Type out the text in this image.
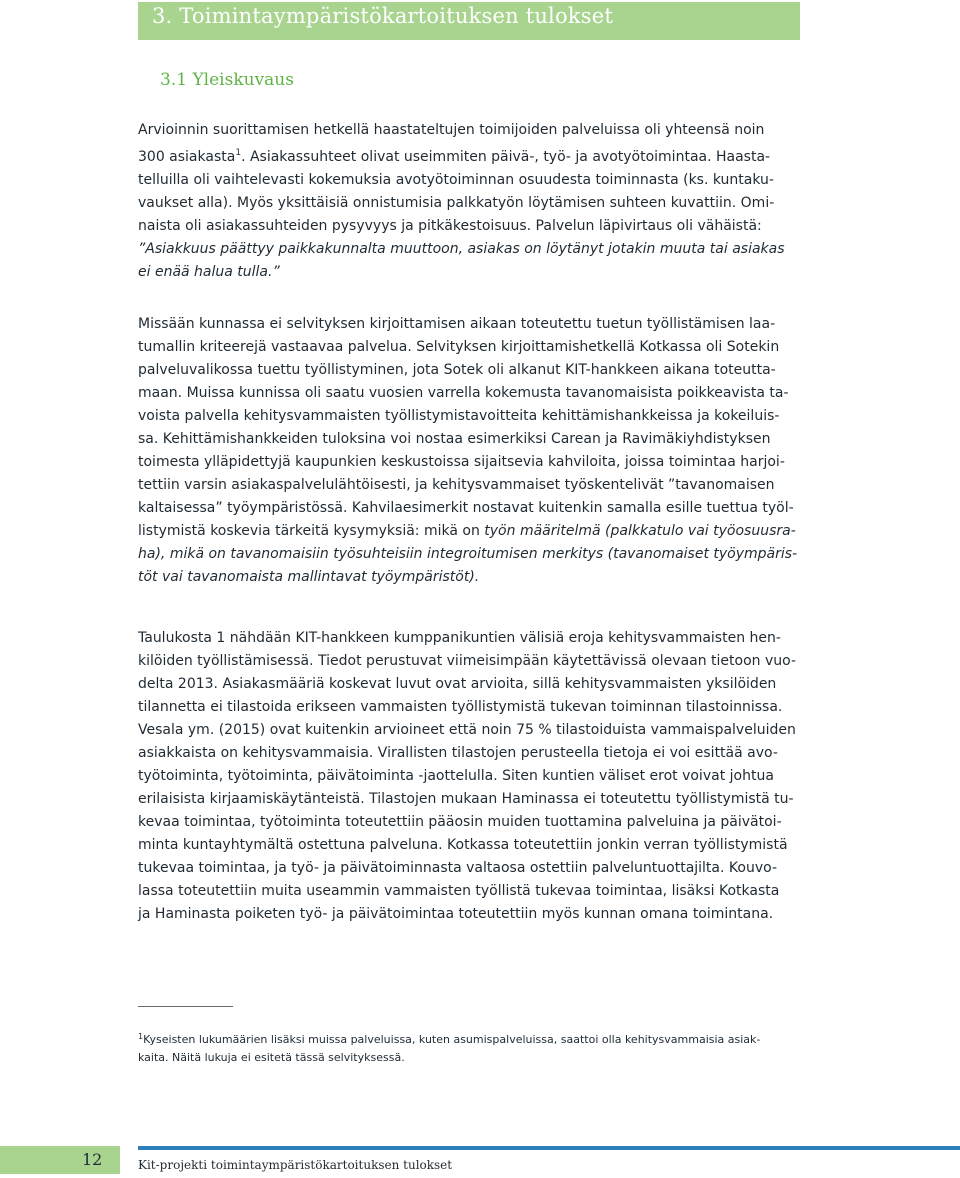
3. Toimintaympäristökartoituksen tulokset
3.1 Yleiskuvaus

Arvioinnin suorittamisen hetkellä haastateltujen toimijoiden palveluissa oli yhteensä noin
300 asiakasta$^1$. Asiakassuhteet olivat useimmiten päivä-, työ- ja avotyötoimintaa. Haasta-
telluilla oli vaihtelevasti kokemuksia avotyötoiminnan osuudesta toiminnasta (ks. kuntaku-
vaukset alla). Myös yksittäisiä onnistumisia palkkatyön löytämisen suhteen kuvattiin. Omi-
naista oli asiakassuhteiden pysyvyys ja pitkäkestoisuus. Palvelun läpivirtaus oli vähäistä:
”Asiakkuus päättyy paikkakunnalta muuttoon, asiakas on löytänyt jotakin muuta tai asiakas
ei enää halua tulla.”

Missään kunnassa ei selvityksen kirjoittamisen aikaan toteutettu tuetun työllistämisen laa-
tumallin kriteerejä vastaavaa palvelua. Selvityksen kirjoittamishetkellä Kotkassa oli Sotekin
palveluvalikossa tuettu työllistyminen, jota Sotek oli alkanut KIT-hankkeen aikana toteutta-
maan. Muissa kunnissa oli saatu vuosien varrella kokemusta tavanomaisista poikkeavista ta-
voista palvella kehitysvammaisten työllistymistavoitteita kehittämishankkeissa ja kokeiluis-
sa. Kehittämishankkeiden tuloksina voi nostaa esimerkiksi Carean ja Ravimäkiyhdistyksen
toimesta ylläpidettyjä kaupunkien keskustoissa sijaitsevia kahviloita, joissa toimintaa harjoi-
tettiin varsin asiakaspalvelulähtöisesti, ja kehitysvammaiset työskentelivät ”tavanomaisen
kaltaisessa” työympäristössä. Kahvilaesimerkit nostavat kuitenkin samalla esille tuettua työl-
listymistä koskevia tärkeitä kysymyksiä: mikä on työn määritelmä (palkkatulo vai työosuusra-
ha), mikä on tavanomaisiin työsuhteisiin integroitumisen merkitys (tavanomaiset työympäris-
töt vai tavanomaista mallintavat työympäristöt).

Taulukosta 1 nähdään KIT-hankkeen kumppanikuntien välisiä eroja kehitysvammaisten hen-
kilöiden työllistämisessä. Tiedot perustuvat viimeisimpään käytettävissä olevaan tietoon vuo-
delta 2013. Asiakasmääriä koskevat luvut ovat arvioita, sillä kehitysvammaisten yksilöiden
tilannetta ei tilastoida erikseen vammaisten työllistymistä tukevan toiminnan tilastoinnissa.
Vesala ym. (2015) ovat kuitenkin arvioineet että noin 75 % tilastoiduista vammaispalveluiden
asiakkaista on kehitysvammaisia. Virallisten tilastojen perusteella tietoja ei voi esittää avo-
työtoiminta, työtoiminta, päivätoiminta -jaottelulla. Siten kuntien väliset erot voivat johtua
erilaisista kirjaamiskäytänteistä. Tilastojen mukaan Haminassa ei toteutettu työllistymistä tu-
kevaa toimintaa, työtoiminta toteutettiin pääosin muiden tuottamina palveluina ja päivätoi-
minta kuntayhtymältä ostettuna palveluna. Kotkassa toteutettiin jonkin verran työllistymistä
tukevaa toimintaa, ja työ- ja päivätoiminnasta valtaosa ostettiin palveluntuottajilta. Kouvo-
lassa toteutettiin muita useammin vammaisten työllistä tukevaa toimintaa, lisäksi Kotkasta
ja Haminasta poiketen työ- ja päivätoimintaa toteutettiin myös kunnan omana toimintana.

$^1$Kyseisten lukumäärien lisäksi muissa palveluissa, kuten asumispalveluissa, saattoi olla kehitysvammaisia asiak-
kaita. Näitä lukuja ei esitetä tässä selvityksessä.

12	Kit-projekti toimintaympäristökartoituksen tulokset
